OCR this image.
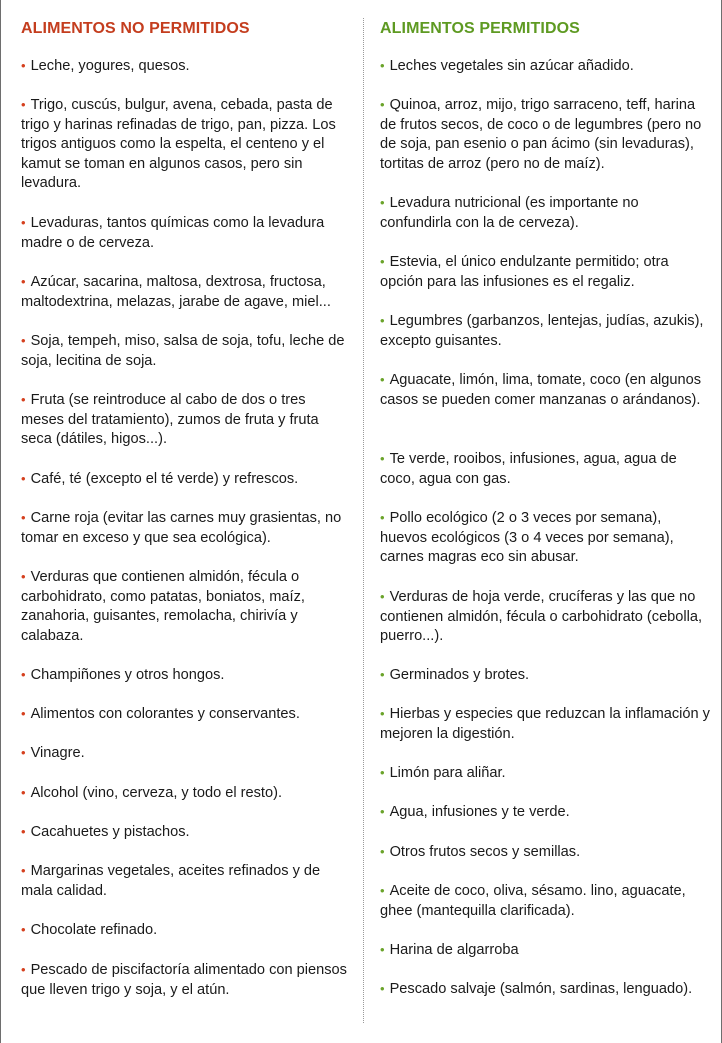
ALIMENTOS NO PERMITIDOS
• Leche, yogures, quesos.
• Trigo, cuscús, bulgur, avena, cebada, pasta de trigo y harinas refinadas de trigo, pan, pizza. Los trigos antiguos como la espelta, el centeno y el kamut se toman en algunos casos, pero sin levadura.
• Levaduras, tantos químicas como la levadura madre o de cerveza.
• Azúcar, sacarina, maltosa, dextrosa, fructosa, maltodextrina, melazas, jarabe de agave, miel...
• Soja, tempeh, miso, salsa de soja, tofu, leche de soja, lecitina de soja.
• Fruta (se reintroduce al cabo de dos o tres meses del tratamiento), zumos de fruta y fruta seca (dátiles, higos...).
• Café, té (excepto el té verde) y refrescos.
• Carne roja (evitar las carnes muy grasientas, no tomar en exceso y que sea ecológica).
• Verduras que contienen almidón, fécula o carbohidrato, como patatas, boniatos, maíz, zanahoria, guisantes, remolacha, chirivía y calabaza.
• Champiñones y otros hongos.
• Alimentos con colorantes y conservantes.
• Vinagre.
• Alcohol (vino, cerveza, y todo el resto).
• Cacahuetes y pistachos.
• Margarinas vegetales, aceites refinados y de mala calidad.
• Chocolate refinado.
• Pescado de piscifactoría alimentado con piensos que lleven trigo y soja, y el atún.
ALIMENTOS PERMITIDOS
• Leches vegetales sin azúcar añadido.
• Quinoa, arroz, mijo, trigo sarraceno, teff, harina de frutos secos, de coco o de legumbres (pero no de soja, pan esenio o pan ácimo (sin levaduras), tortitas de arroz (pero no de maíz).
• Levadura nutricional (es importante no confundirla con la de cerveza).
• Estevia, el único endulzante permitido; otra opción para las infusiones es el regaliz.
• Legumbres (garbanzos, lentejas, judías, azukis), excepto guisantes.
• Aguacate, limón, lima, tomate, coco (en algunos casos se pueden comer manzanas o arándanos).
• Te verde, rooibos, infusiones, agua, agua de coco, agua con gas.
• Pollo ecológico (2 o 3 veces por semana), huevos ecológicos (3 o 4 veces por semana), carnes magras eco sin abusar.
• Verduras de hoja verde, crucíferas y las que no contienen almidón, fécula o carbohidrato (cebolla, puerro...).
• Germinados y brotes.
• Hierbas y especies que reduzcan la inflamación y mejoren la digestión.
• Limón para aliñar.
• Agua, infusiones y te verde.
• Otros frutos secos y semillas.
• Aceite de coco, oliva, sésamo. lino, aguacate, ghee (mantequilla clarificada).
• Harina de algarroba
• Pescado salvaje (salmón, sardinas, lenguado).
